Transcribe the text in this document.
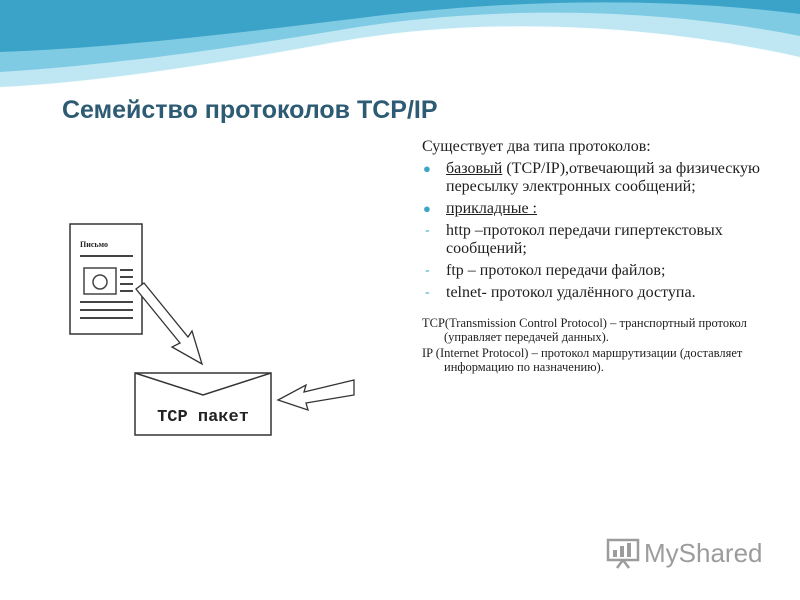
Семейство протоколов TCP/IP
Письмо
TCP пакет

Существует два типа протоколов:

● базовый (TCP/IP),отвечающий за физическую пересылку электронных сообщений;
● прикладные :
- http –протокол передачи гипертекстовых сообщений;
- ftp – протокол передачи файлов;
- telnet- протокол удалённого доступа.

TCP(Transmission Control Protocol) – транспортный протокол (управляет передачей данных).

IP (Internet Protocol) – протокол маршрутизации (доставляет информацию по назначению).

MyShared
